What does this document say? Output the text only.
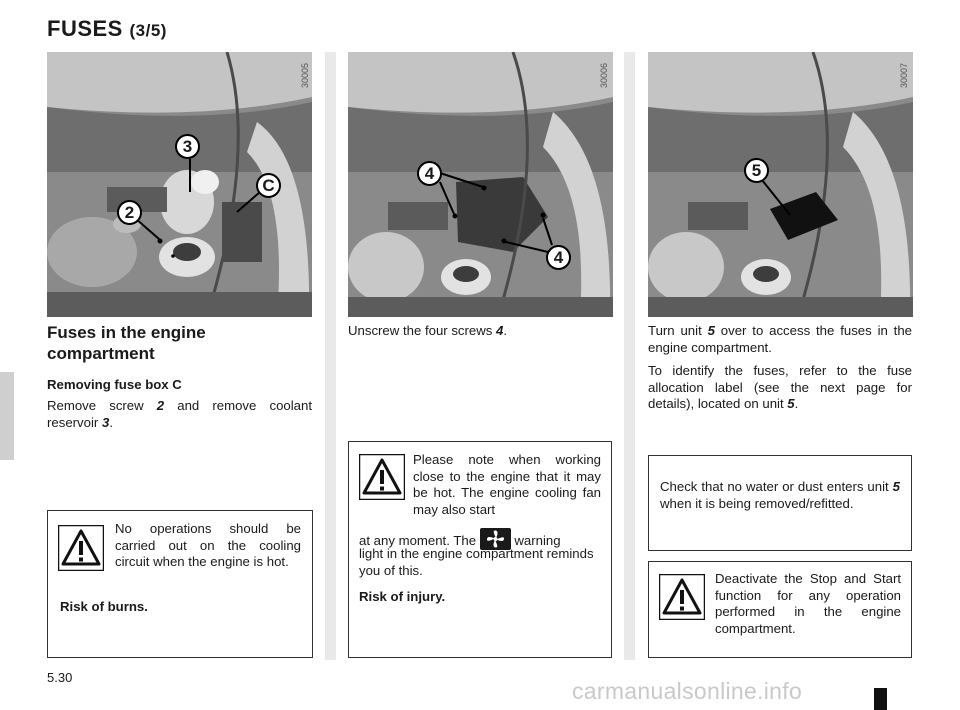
FUSES (3/5)
3
C
2
30005
Fuses in the engine
compartment
Removing fuse box C
Remove screw 2 and remove coolant reservoir 3.
No operations should be carried out on the cooling circuit when the engine is hot.
Risk of burns.
4
4
30006
Unscrew the four screws 4.
Please note when working close to the engine that it may be hot. The engine cooling fan may also start
at any moment. The
warning
light in the engine compartment reminds you of this.
Risk of injury.
5
30007
Turn unit 5 over to access the fuses in the engine compartment.
To identify the fuses, refer to the fuse allocation label (see the next page for details), located on unit 5.
Check that no water or dust enters unit 5 when it is being removed/refitted.
Deactivate the Stop and Start function for any operation performed in the engine compartment.
5.30
carmanualsonline.info
